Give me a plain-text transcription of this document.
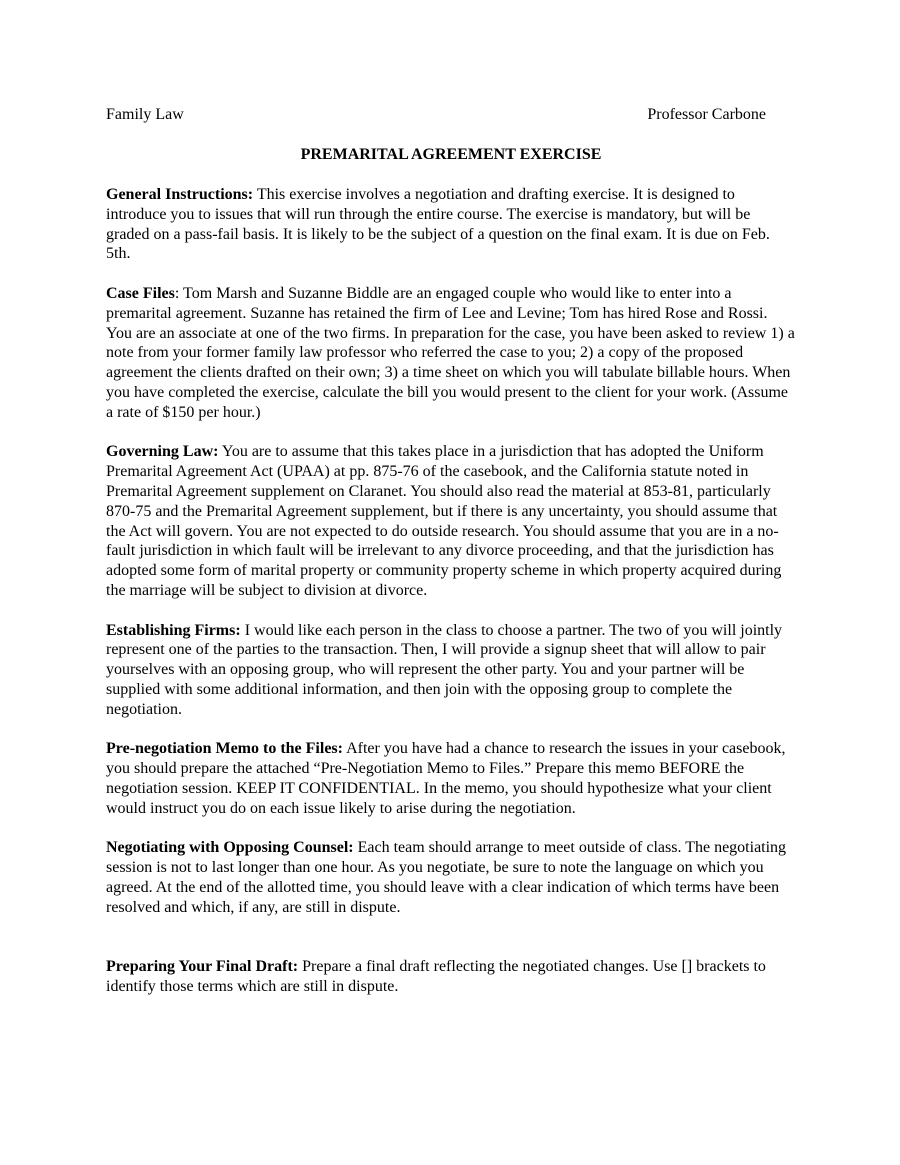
Family Law	Professor Carbone
PREMARITAL AGREEMENT EXERCISE

General Instructions: This exercise involves a negotiation and drafting exercise. It is designed to introduce you to issues that will run through the entire course. The exercise is mandatory, but will be graded on a pass-fail basis. It is likely to be the subject of a question on the final exam. It is due on Feb. 5th.

Case Files: Tom Marsh and Suzanne Biddle are an engaged couple who would like to enter into a premarital agreement. Suzanne has retained the firm of Lee and Levine; Tom has hired Rose and Rossi. You are an associate at one of the two firms. In preparation for the case, you have been asked to review 1) a note from your former family law professor who referred the case to you; 2) a copy of the proposed agreement the clients drafted on their own; 3) a time sheet on which you will tabulate billable hours. When you have completed the exercise, calculate the bill you would present to the client for your work. (Assume a rate of $150 per hour.)

Governing Law: You are to assume that this takes place in a jurisdiction that has adopted the Uniform Premarital Agreement Act (UPAA) at pp. 875-76 of the casebook, and the California statute noted in Premarital Agreement supplement on Claranet. You should also read the material at 853-81, particularly 870-75 and the Premarital Agreement supplement, but if there is any uncertainty, you should assume that the Act will govern. You are not expected to do outside research. You should assume that you are in a no-fault jurisdiction in which fault will be irrelevant to any divorce proceeding, and that the jurisdiction has adopted some form of marital property or community property scheme in which property acquired during the marriage will be subject to division at divorce.

Establishing Firms: I would like each person in the class to choose a partner. The two of you will jointly represent one of the parties to the transaction. Then, I will provide a signup sheet that will allow to pair yourselves with an opposing group, who will represent the other party. You and your partner will be supplied with some additional information, and then join with the opposing group to complete the negotiation.

Pre-negotiation Memo to the Files: After you have had a chance to research the issues in your casebook, you should prepare the attached “Pre-Negotiation Memo to Files.” Prepare this memo BEFORE the negotiation session. KEEP IT CONFIDENTIAL. In the memo, you should hypothesize what your client would instruct you do on each issue likely to arise during the negotiation.

Negotiating with Opposing Counsel: Each team should arrange to meet outside of class. The negotiating session is not to last longer than one hour. As you negotiate, be sure to note the language on which you agreed. At the end of the allotted time, you should leave with a clear indication of which terms have been resolved and which, if any, are still in dispute.

Preparing Your Final Draft: Prepare a final draft reflecting the negotiated changes. Use [] brackets to identify those terms which are still in dispute.
